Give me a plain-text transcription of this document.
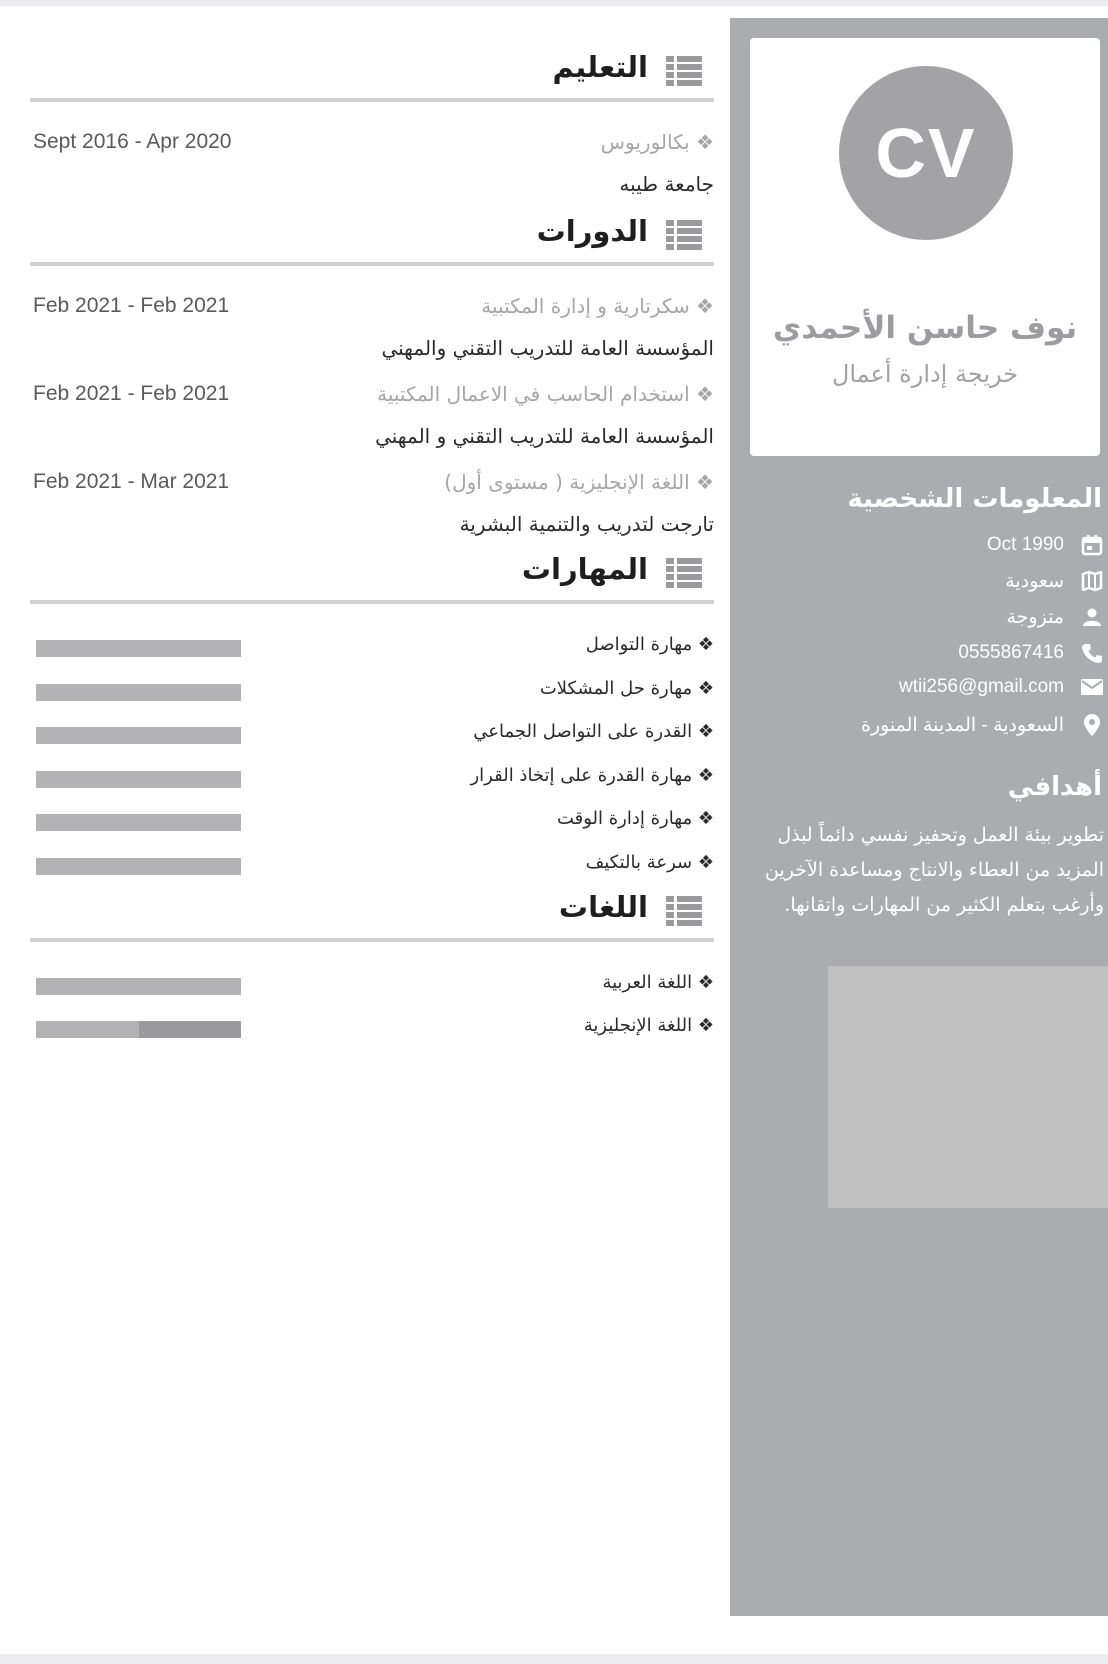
CV
نوف حاسن الأحمدي
خريجة إدارة أعمال
المعلومات الشخصية
Oct 1990
سعودية
متزوجة
0555867416
wtii256@gmail.com
السعودية - المدينة المنورة
أهدافي
تطوير بيئة العمل وتحفيز نفسي دائماً لبذل المزيد من العطاء والانتاج ومساعدة الآخرين وأرغب بتعلم الكثير من المهارات واتقانها.
التعليم
❖ بكالوريوس
Sept 2016 - Apr 2020
جامعة طيبه
الدورات
❖ سكرتارية و إدارة المكتبية
Feb 2021 - Feb 2021
المؤسسة العامة للتدريب التقني والمهني
❖ استخدام الحاسب في الاعمال المكتبية
Feb 2021 - Feb 2021
المؤسسة العامة للتدريب التقني و المهني
❖ اللغة الإنجليزية ( مستوى أول)
Feb 2021 - Mar 2021
تارجت لتدريب والتنمية البشرية
المهارات
❖ مهارة التواصل
❖ مهارة حل المشكلات
❖ القدرة على التواصل الجماعي
❖ مهارة القدرة على إتخاذ القرار
❖ مهارة إدارة الوقت
❖ سرعة بالتكيف
اللغات
❖ اللغة العربية
❖ اللغة الإنجليزية
